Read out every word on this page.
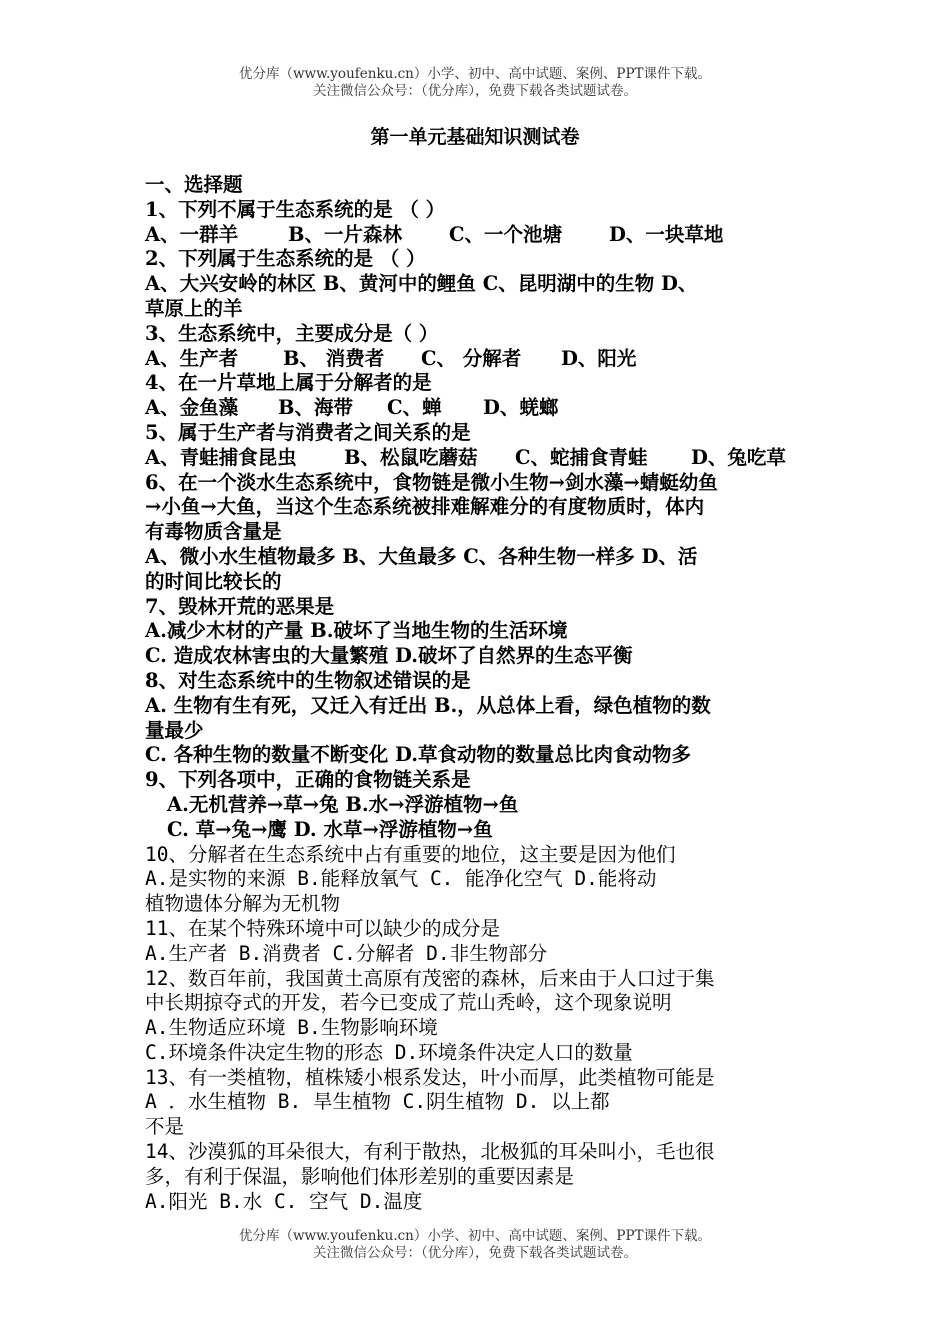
优分库（www.youfenku.cn）小学、初中、高中试题、案例、PPT课件下载。
关注微信公众号：（优分库），免费下载各类试题试卷。
第一单元基础知识测试卷
一、选择题
1、下列不属于生态系统的是 （ ）
A、一群羊	B、一片森林	C、一个池塘	D、一块草地
2、下列属于生态系统的是 （ ）
A、大兴安岭的林区 B、黄河中的鲤鱼 C、昆明湖中的生物 D、
草原上的羊
3、生态系统中，主要成分是（ ）
A、生产者	B、 消费者	C、 分解者	D、阳光
4、在一片草地上属于分解者的是
A、金鱼藻	B、海带	C、蝉	D、蜣螂
5、属于生产者与消费者之间关系的是
A、青蛙捕食昆虫	B、松鼠吃蘑菇	C、蛇捕食青蛙	D、兔吃草
6、在一个淡水生态系统中，食物链是微小生物→剑水藻→蜻蜓幼鱼
→小鱼→大鱼，当这个生态系统被排难解难分的有度物质时，体内
有毒物质含量是
A、微小水生植物最多 B、大鱼最多 C、各种生物一样多 D、活
的时间比较长的
7、毁林开荒的恶果是
A.减少木材的产量 B.破坏了当地生物的生活环境
C. 造成农林害虫的大量繁殖 D.破坏了自然界的生态平衡
8、对生态系统中的生物叙述错误的是
A. 生物有生有死，又迁入有迁出 B.，从总体上看，绿色植物的数
量最少
C. 各种生物的数量不断变化 D.草食动物的数量总比肉食动物多
9、下列各项中，正确的食物链关系是
A.无机营养→草→兔 B.水→浮游植物→鱼
C. 草→兔→鹰 D. 水草→浮游植物→鱼
10、分解者在生态系统中占有重要的地位，这主要是因为他们
A.是实物的来源 B.能释放氧气 C. 能净化空气 D.能将动
植物遗体分解为无机物
11、在某个特殊环境中可以缺少的成分是
A.生产者 B.消费者 C.分解者 D.非生物部分
12、数百年前，我国黄土高原有茂密的森林，后来由于人口过于集
中长期掠夺式的开发，若今已变成了荒山秃岭，这个现象说明
A.生物适应环境 B.生物影响环境
C.环境条件决定生物的形态 D.环境条件决定人口的数量
13、有一类植物，植株矮小根系发达，叶小而厚，此类植物可能是
A ．水生植物 B. 旱生植物 C.阴生植物 D. 以上都
不是
14、沙漠狐的耳朵很大，有利于散热，北极狐的耳朵叫小，毛也很
多，有利于保温，影响他们体形差别的重要因素是
A.阳光 B.水 C. 空气 D.温度
优分库（www.youfenku.cn）小学、初中、高中试题、案例、PPT课件下载。
关注微信公众号：（优分库），免费下载各类试题试卷。
